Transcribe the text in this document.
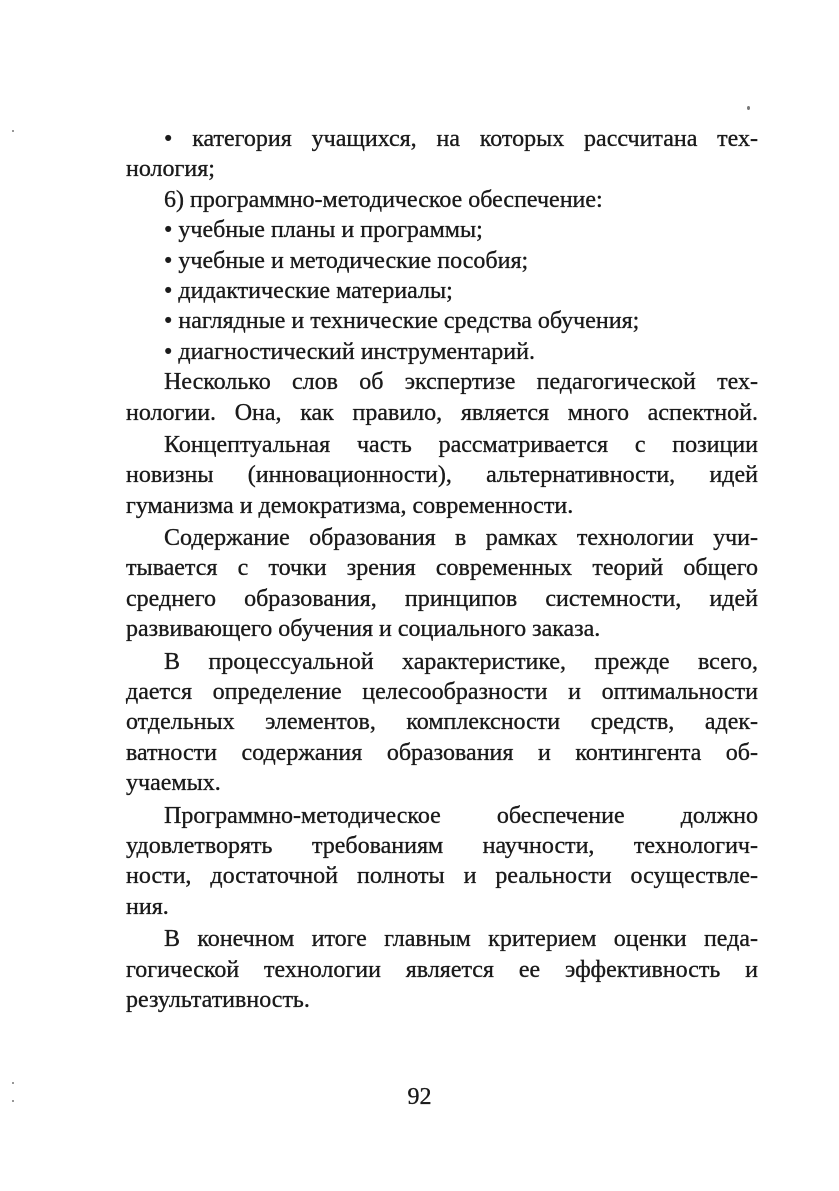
• категория учащихся, на которых рассчитана тех-
нология;
6) программно-методическое обеспечение:
• учебные планы и программы;
• учебные и методические пособия;
• дидактические материалы;
• наглядные и технические средства обучения;
• диагностический инструментарий.
Несколько слов об экспертизе педагогической тех-
нологии. Она, как правило, является много аспектной.
Концептуальная часть рассматривается с позиции
новизны (инновационности), альтернативности, идей
гуманизма и демократизма, современности.
Содержание образования в рамках технологии учи-
тывается с точки зрения современных теорий общего
среднего образования, принципов системности, идей
развивающего обучения и социального заказа.
В процессуальной характеристике, прежде всего,
дается определение целесообразности и оптимальности
отдельных элементов, комплексности средств, адек-
ватности содержания образования и контингента об-
учаемых.
Программно-методическое обеспечение должно
удовлетворять требованиям научности, технологич-
ности, достаточной полноты и реальности осуществле-
ния.
В конечном итоге главным критерием оценки педа-
гогической технологии является ее эффективность и
результативность.
92
